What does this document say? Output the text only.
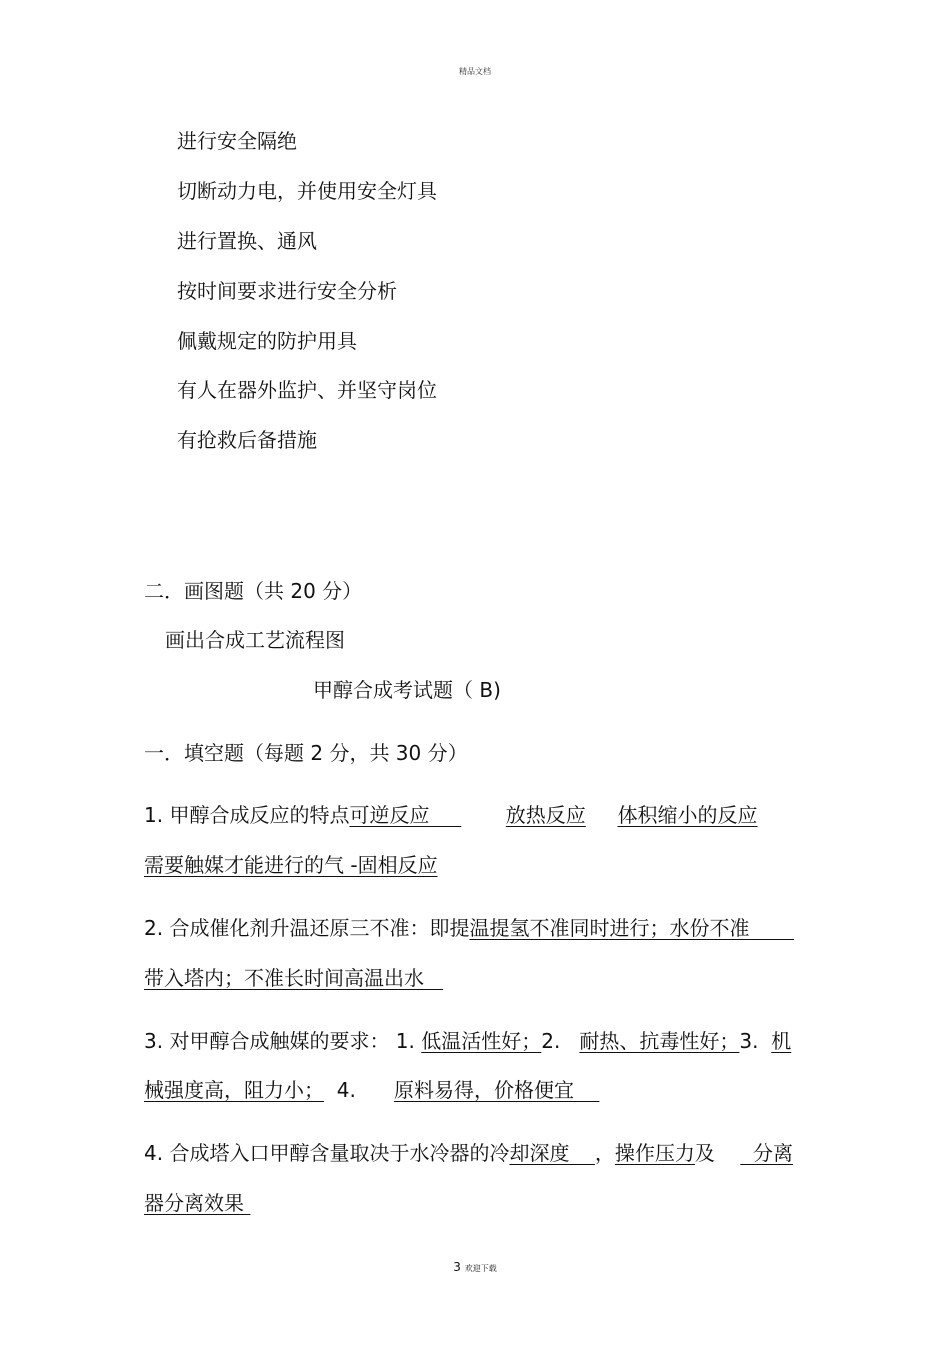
精品文档
进行安全隔绝
切断动力电，并使用安全灯具
进行置换、通风
按时间要求进行安全分析
佩戴规定的防护用具
有人在器外监护、并坚守岗位
有抢救后备措施
二．画图题（共 20 分）
画出合成工艺流程图
甲醇合成考试题（ B)
一．填空题（每题 2 分，共 30 分）
1. 甲醇合成反应的特点可逆反应	放热反应 体积缩小的反应
需要触媒才能进行的气 -固相反应
2. 合成催化剂升温还原三不准：即提温提氢不准同时进行；水份不准
带入塔内；不准长时间高温出水
3. 对甲醇合成触媒的要求： 1. 低温活性好；2. 耐热、抗毒性好；3. 机
械强度高，阻力小； 4. 原料易得，价格便宜
4. 合成塔入口甲醇含量取决于水冷器的冷却深度 ，操作压力及 分离
器分离效果
3 欢迎下载
